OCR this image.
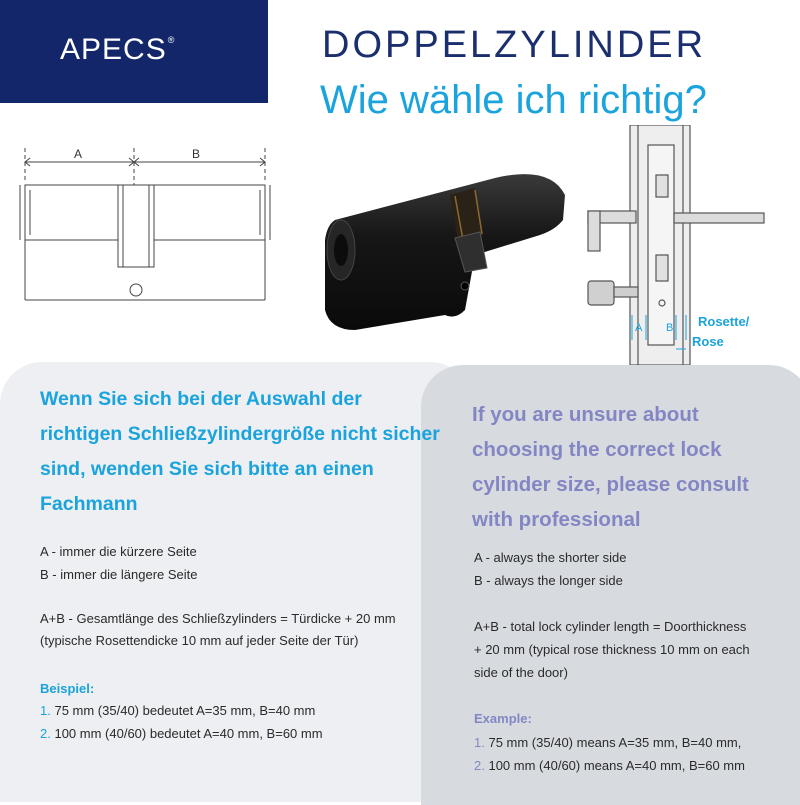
APECS®	DOPPELZYLINDER
Wie wähle ich richtig?
A	B
A B Rosette/
Rose
Wenn Sie sich bei der Auswahl der richtigen Schließzylindergröße nicht sicher sind, wenden Sie sich bitte an einen Fachmann
A - immer die kürzere Seite
B - immer die längere Seite
A+B - Gesamtlänge des Schließzylinders = Türdicke + 20 mm
(typische Rosettendicke 10 mm auf jeder Seite der Tür)
Beispiel:
1. 75 mm (35/40) bedeutet A=35 mm, B=40 mm
2. 100 mm (40/60) bedeutet A=40 mm, B=60 mm
If you are unsure about choosing the correct lock cylinder size, please consult with professional
A - always the shorter side
B - always the longer side
A+B - total lock cylinder length = Doorthickness
+ 20 mm (typical rose thickness 10 mm on each
side of the door)
Example:
1. 75 mm (35/40) means A=35 mm, B=40 mm,
2. 100 mm (40/60) means A=40 mm, B=60 mm
